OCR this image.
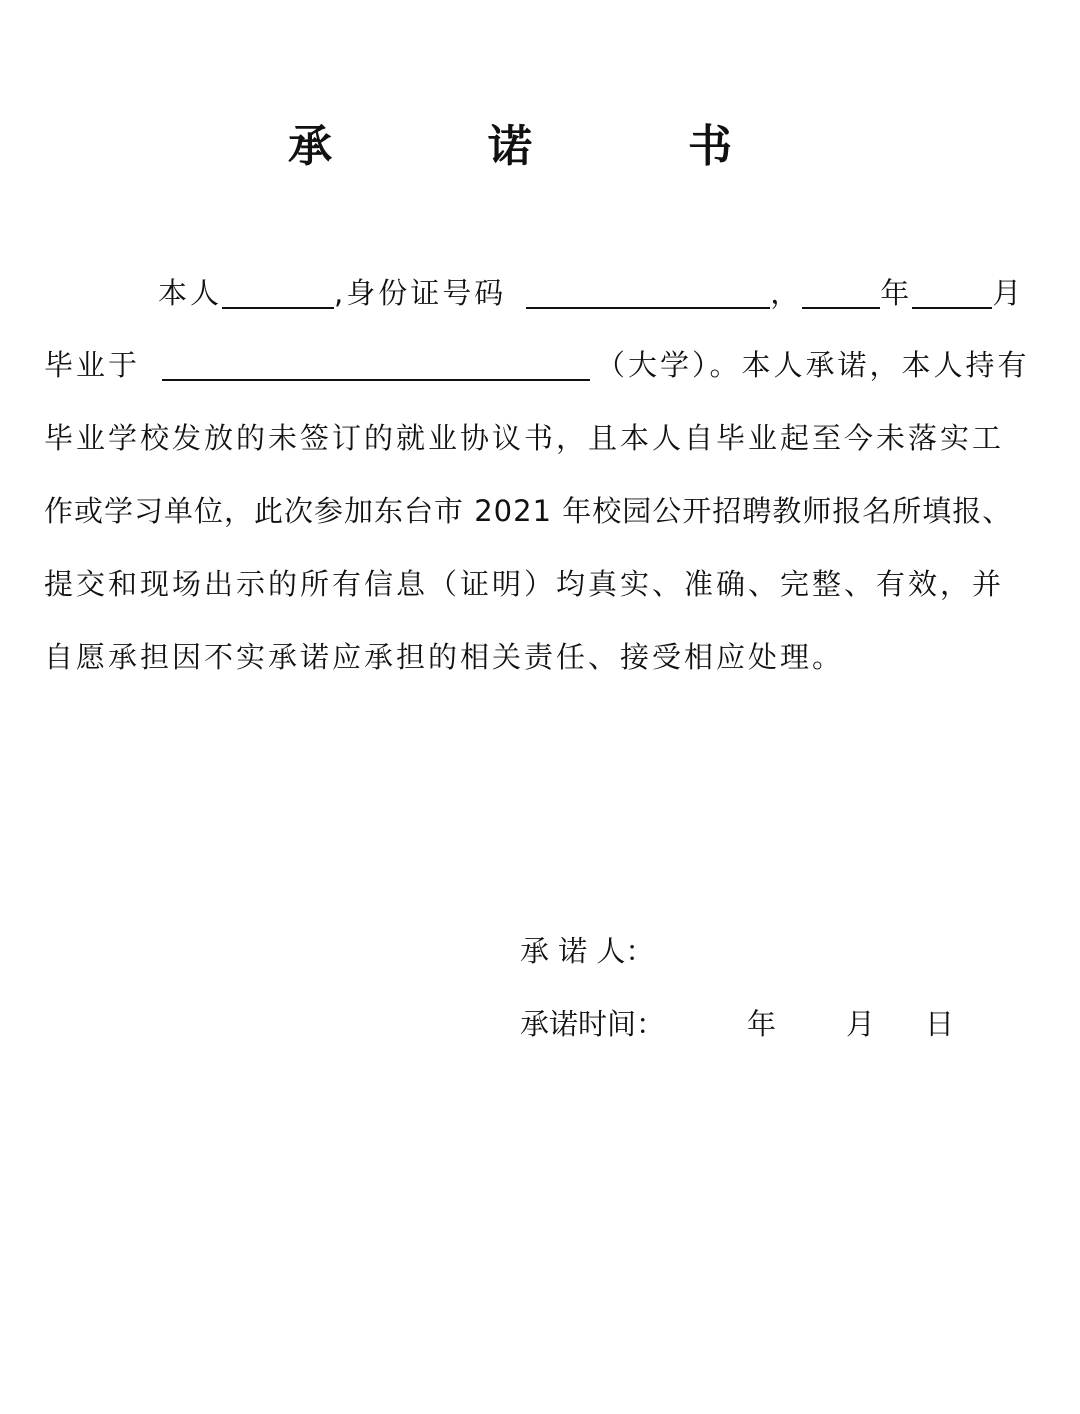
承　诺　书
本人	,身份证号码	，	年	月
毕业于	（大学）。本人承诺，本人持有
毕业学校发放的未签订的就业协议书，且本人自毕业起至今未落实工
作或学习单位，此次参加东台市 2021 年校园公开招聘教师报名所填报、
提交和现场出示的所有信息（证明）均真实、准确、完整、有效，并
自愿承担因不实承诺应承担的相关责任、接受相应处理。
承 诺 人：
承诺时间：	年 月 日
